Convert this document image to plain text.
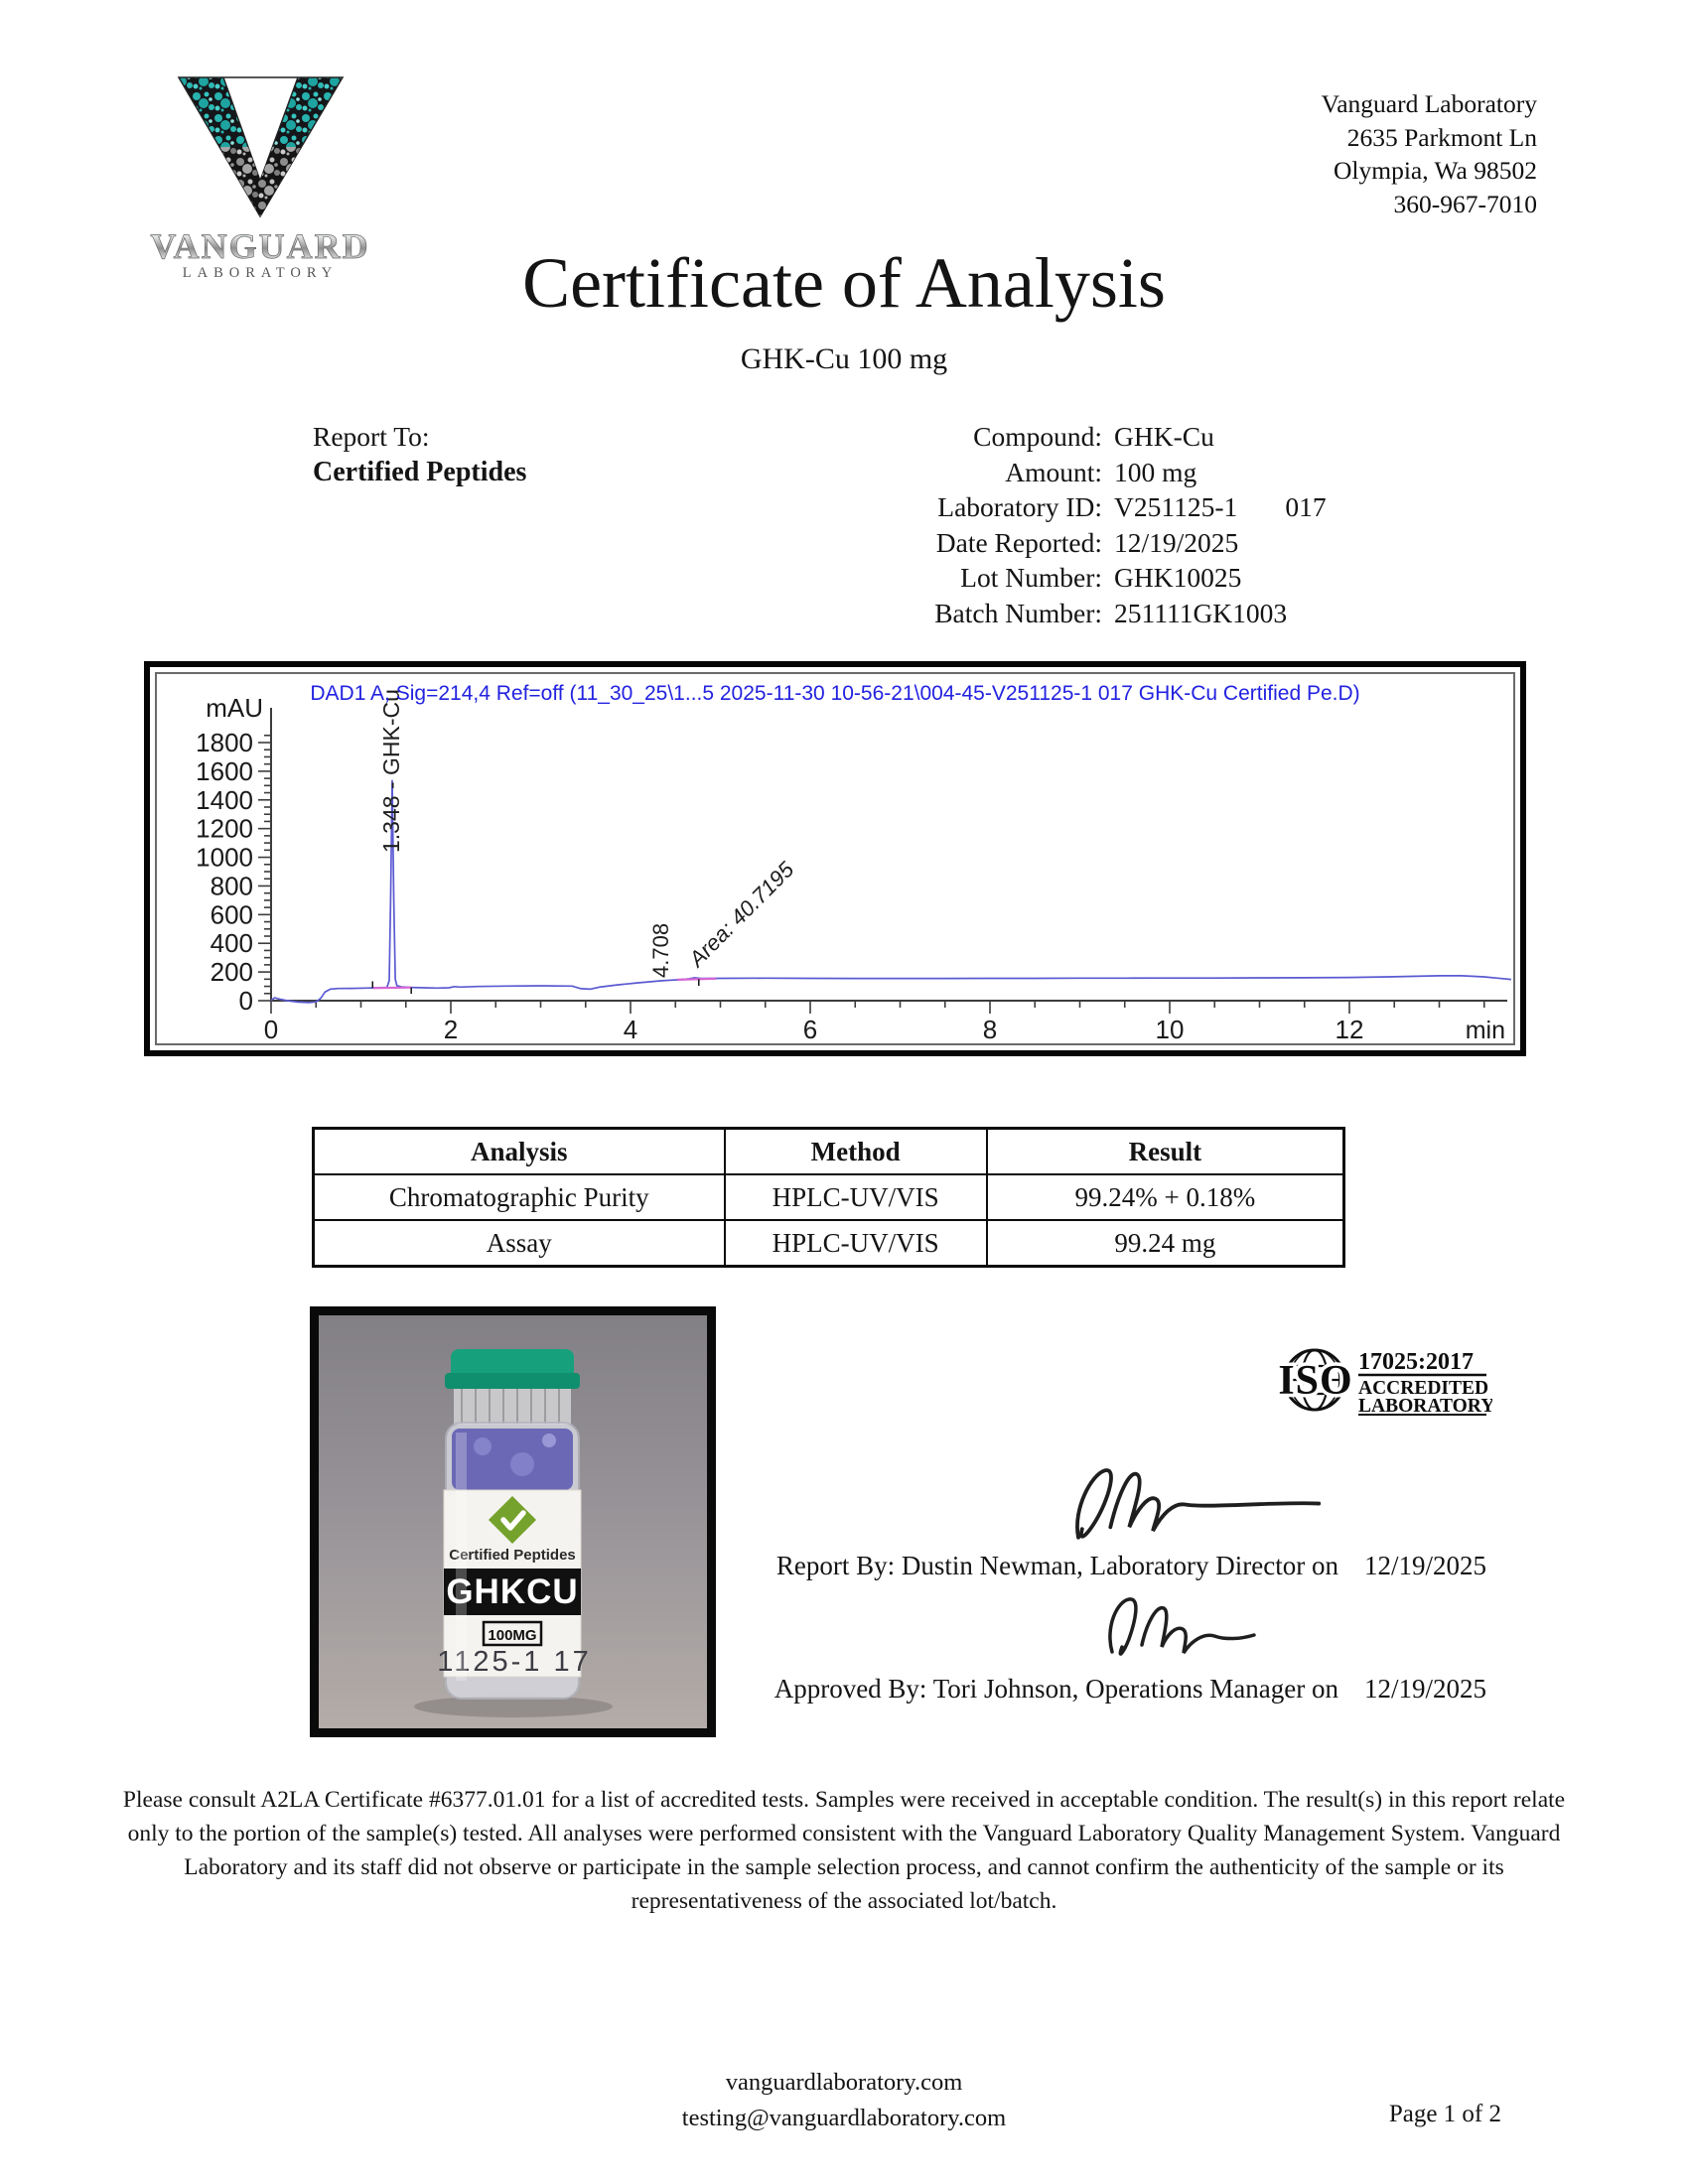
VANGUARD
LABORATORY
Vanguard Laboratory
2635 Parkmont Ln
Olympia, Wa 98502
360-967-7010
Certificate of Analysis
GHK-Cu 100 mg
Report To:
Certified Peptides
Compound: GHK-Cu
Amount: 100 mg
Laboratory ID: V251125-1       017
Date Reported: 12/19/2025
Lot Number: GHK10025
Batch Number: 251111GK1003
0
200
400
600
800
1000
1200
1400
1600
1800
mAU
0	2	4	6	8	10	12	min
1.348 - GHK-Cu
4.708 Area: 40.7195
DAD1 A, Sig=214,4 Ref=off (11_30_25\1...5 2025-11-30 10-56-21\004-45-V251125-1 017 GHK-Cu Certified Pe.D)
Analysis	Method	Result
Chromatographic Purity	HPLC-UV/VIS	99.24% + 0.18%
Assay	HPLC-UV/VIS	99.24 mg
Certified Peptides
GHKCU
100MG
1125-1 17
ISO 17025:2017
ACCREDITED
LABORATORY
Report By: Dustin Newman, Laboratory Director on 12/19/2025
Approved By: Tori Johnson, Operations Manager on 12/19/2025
Please consult A2LA Certificate #6377.01.01 for a list of accredited tests. Samples were received in acceptable condition. The result(s) in this report relate only to the portion of the sample(s) tested. All analyses were performed consistent with the Vanguard Laboratory Quality Management System. Vanguard Laboratory and its staff did not observe or participate in the sample selection process, and cannot confirm the authenticity of the sample or its representativeness of the associated lot/batch.
vanguardlaboratory.com
testing@vanguardlaboratory.com	Page 1 of 2
